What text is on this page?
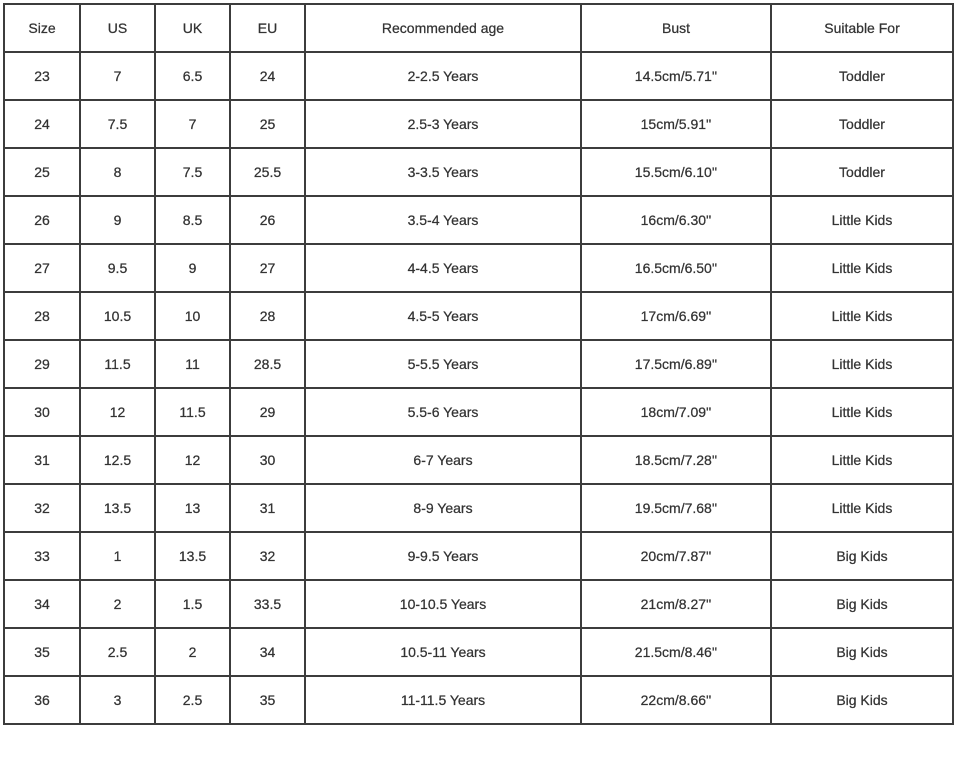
Size	US	UK	EU	Recommended age	Bust	Suitable For
23	7	6.5	24	2-2.5 Years	14.5cm/5.71''	Toddler
24	7.5	7	25	2.5-3 Years	15cm/5.91''	Toddler
25	8	7.5	25.5	3-3.5 Years	15.5cm/6.10''	Toddler
26	9	8.5	26	3.5-4 Years	16cm/6.30''	Little Kids
27	9.5	9	27	4-4.5 Years	16.5cm/6.50''	Little Kids
28	10.5	10	28	4.5-5 Years	17cm/6.69''	Little Kids
29	11.5	11	28.5	5-5.5 Years	17.5cm/6.89''	Little Kids
30	12	11.5	29	5.5-6 Years	18cm/7.09''	Little Kids
31	12.5	12	30	6-7 Years	18.5cm/7.28''	Little Kids
32	13.5	13	31	8-9 Years	19.5cm/7.68''	Little Kids
33	1	13.5	32	9-9.5 Years	20cm/7.87''	Big Kids
34	2	1.5	33.5	10-10.5 Years	21cm/8.27''	Big Kids
35	2.5	2	34	10.5-11 Years	21.5cm/8.46''	Big Kids
36	3	2.5	35	11-11.5 Years	22cm/8.66''	Big Kids
